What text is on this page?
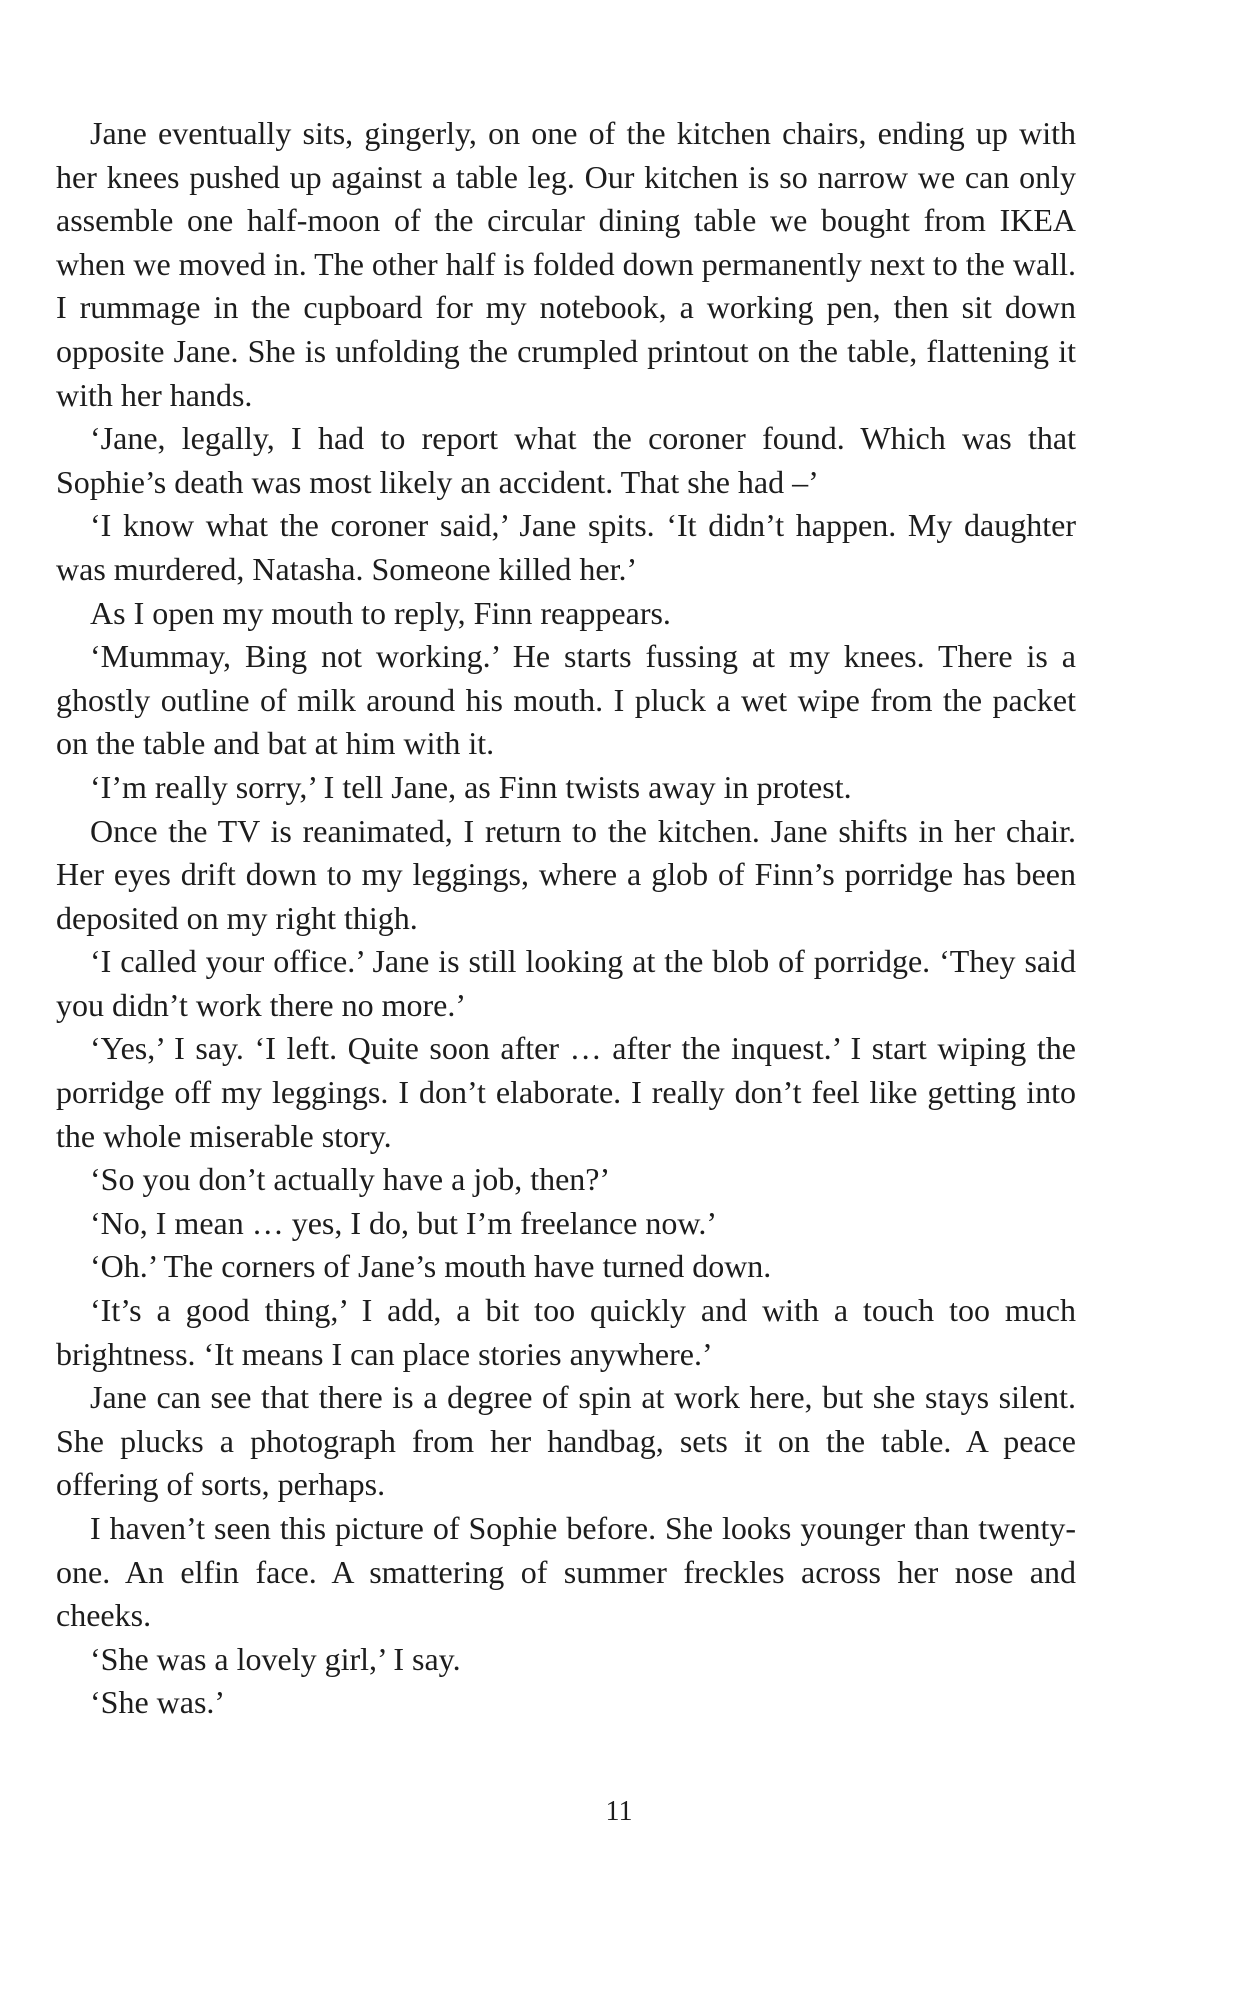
Jane eventually sits, gingerly, on one of the kitchen chairs, ending up with her knees pushed up against a table leg. Our kitchen is so narrow we can only assemble one half-moon of the circular dining table we bought from IKEA when we moved in. The other half is folded down permanently next to the wall. I rummage in the cupboard for my notebook, a working pen, then sit down opposite Jane. She is unfolding the crumpled printout on the table, flattening it with her hands.

‘Jane, legally, I had to report what the coroner found. Which was that Sophie’s death was most likely an accident. That she had –’

‘I know what the coroner said,’ Jane spits. ‘It didn’t happen. My daughter was murdered, Natasha. Someone killed her.’

As I open my mouth to reply, Finn reappears.

‘Mummay, Bing not working.’ He starts fussing at my knees. There is a ghostly outline of milk around his mouth. I pluck a wet wipe from the packet on the table and bat at him with it.

‘I’m really sorry,’ I tell Jane, as Finn twists away in protest.

Once the TV is reanimated, I return to the kitchen. Jane shifts in her chair. Her eyes drift down to my leggings, where a glob of Finn’s porridge has been deposited on my right thigh.

‘I called your office.’ Jane is still looking at the blob of porridge. ‘They said you didn’t work there no more.’

‘Yes,’ I say. ‘I left. Quite soon after … after the inquest.’ I start wiping the porridge off my leggings. I don’t elaborate. I really don’t feel like getting into the whole miserable story.

‘So you don’t actually have a job, then?’

‘No, I mean … yes, I do, but I’m freelance now.’

‘Oh.’ The corners of Jane’s mouth have turned down.

‘It’s a good thing,’ I add, a bit too quickly and with a touch too much brightness. ‘It means I can place stories anywhere.’

Jane can see that there is a degree of spin at work here, but she stays silent. She plucks a photograph from her handbag, sets it on the table. A peace offering of sorts, perhaps.

I haven’t seen this picture of Sophie before. She looks younger than twenty-one. An elfin face. A smattering of summer freckles across her nose and cheeks.

‘She was a lovely girl,’ I say.

‘She was.’

11
